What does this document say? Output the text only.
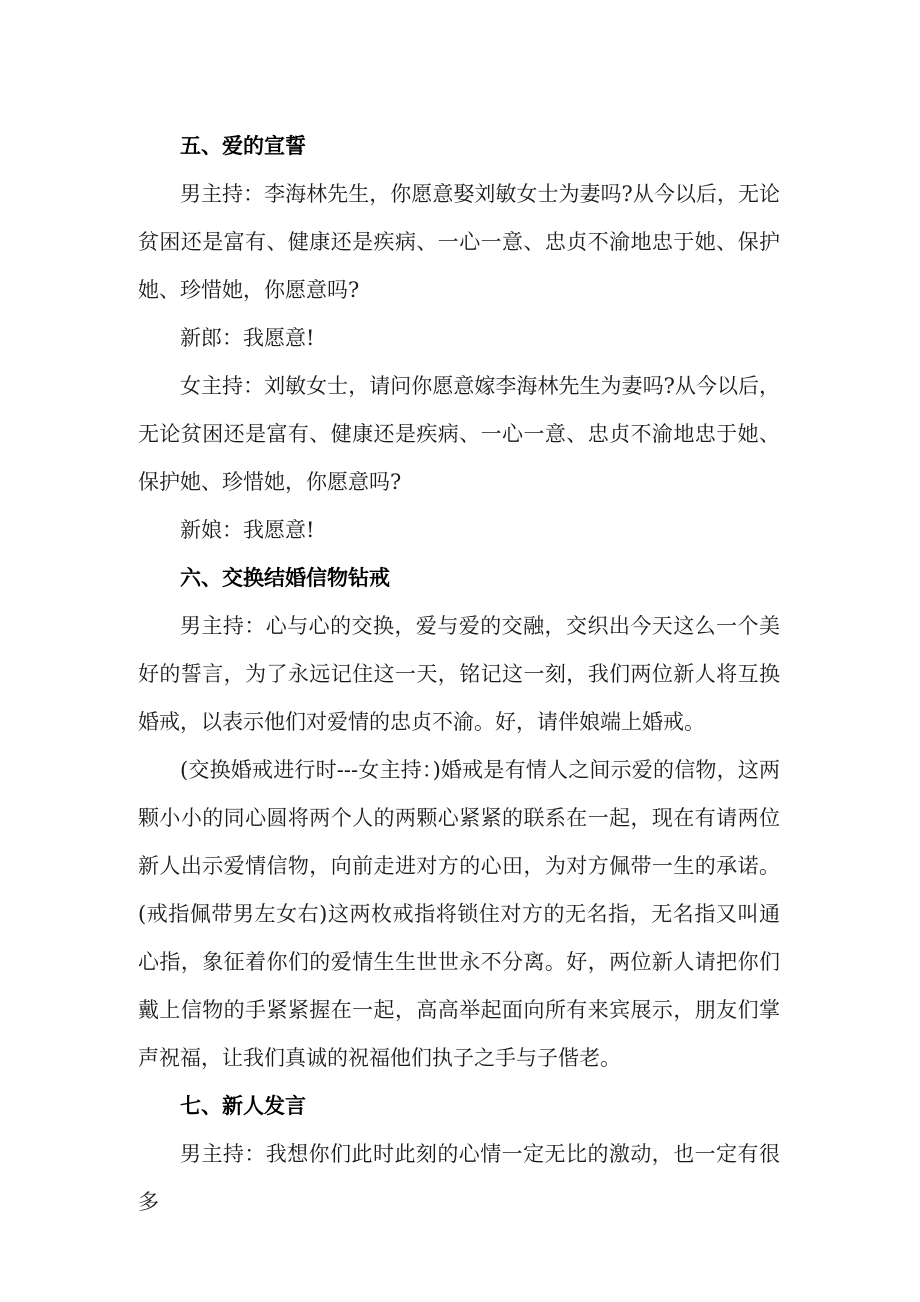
五、爱的宣誓

男主持：李海林先生，你愿意娶刘敏女士为妻吗?从今以后，无论贫困还是富有、健康还是疾病、一心一意、忠贞不渝地忠于她、保护她、珍惜她，你愿意吗?

新郎：我愿意!

女主持：刘敏女士，请问你愿意嫁李海林先生为妻吗?从今以后，无论贫困还是富有、健康还是疾病、一心一意、忠贞不渝地忠于她、保护她、珍惜她，你愿意吗?

新娘：我愿意!

六、交换结婚信物钻戒

男主持：心与心的交换，爱与爱的交融，交织出今天这么一个美好的誓言，为了永远记住这一天，铭记这一刻，我们两位新人将互换婚戒，以表示他们对爱情的忠贞不渝。好，请伴娘端上婚戒。

(交换婚戒进行时---女主持：)婚戒是有情人之间示爱的信物，这两颗小小的同心圆将两个人的两颗心紧紧的联系在一起，现在有请两位新人出示爱情信物，向前走进对方的心田，为对方佩带一生的承诺。(戒指佩带男左女右)这两枚戒指将锁住对方的无名指，无名指又叫通心指，象征着你们的爱情生生世世永不分离。好，两位新人请把你们戴上信物的手紧紧握在一起，高高举起面向所有来宾展示，朋友们掌声祝福，让我们真诚的祝福他们执子之手与子偕老。

七、新人发言

男主持：我想你们此时此刻的心情一定无比的激动，也一定有很多
